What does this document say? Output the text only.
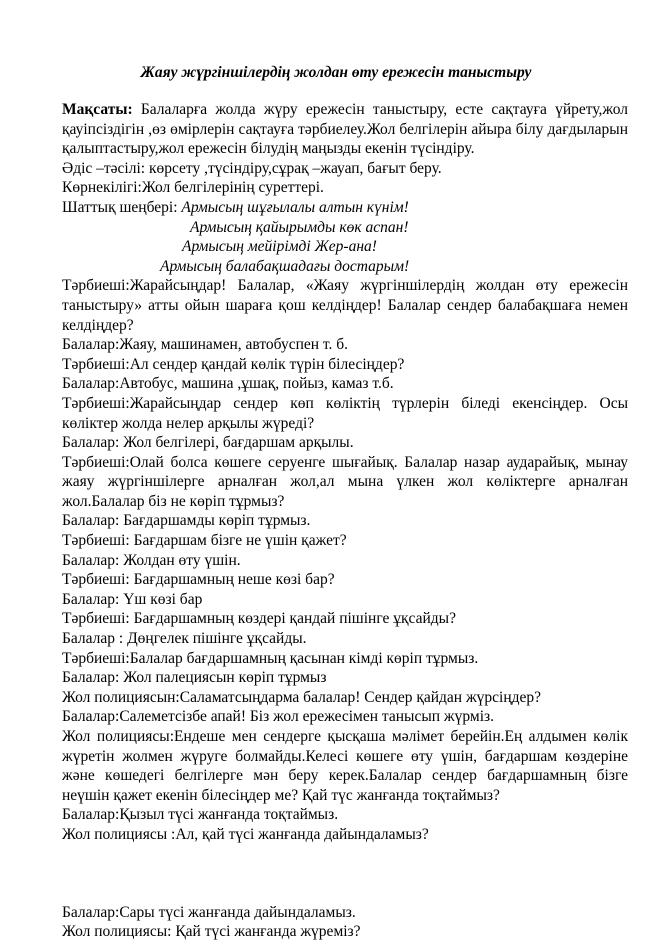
Жаяу жүргіншілердің жолдан өту ережесін таныстыру

Мақсаты: Балаларға жолда жүру ережесін таныстыру, есте сақтауға үйрету,жол қауіпсіздігін ,өз өмірлерін сақтауға тәрбиелеу.Жол белгілерін айыра білу дағдыларын қалыптастыру,жол ережесін білудің маңызды екенін түсіндіру.

Әдіс –тәсілі: көрсету ,түсіндіру,сұрақ –жауап, бағыт беру.

Көрнекілігі:Жол белгілерінің суреттері.

Шаттық шеңбері: Армысың шұғылалы алтын күнім!
Армысың қайырымды көк аспан!
Армысың мейірімді Жер-ана!
Армысың балабақшадағы достарым!

Тәрбиеші:Жарайсыңдар! Балалар, «Жаяу жүргіншілердің жолдан өту ережесін таныстыру» атты ойын шараға қош келдіңдер! Балалар сендер балабақшаға немен келдіңдер?

Балалар:Жаяу, машинамен, автобуспен т. б.

Тәрбиеші:Ал сендер қандай көлік түрін білесіңдер?

Балалар:Автобус, машина ,ұшақ, пойыз, камаз т.б.

Тәрбиеші:Жарайсыңдар сендер көп көліктің түрлерін біледі екенсіңдер. Осы көліктер жолда нелер арқылы жүреді?

Балалар: Жол белгілері, бағдаршам арқылы.

Тәрбиеші:Олай болса көшеге серуенге шығайық. Балалар назар аударайық, мынау жаяу жүргіншілерге арналған жол,ал мына үлкен жол көліктерге арналған жол.Балалар біз не көріп тұрмыз?

Балалар: Бағдаршамды көріп тұрмыз.

Тәрбиеші: Бағдаршам бізге не үшін қажет?

Балалар: Жолдан өту үшін.

Тәрбиеші: Бағдаршамның неше көзі бар?

Балалар: Үш көзі бар

Тәрбиеші: Бағдаршамның көздері қандай пішінге ұқсайды?

Балалар : Дөңгелек пішінге ұқсайды.

Тәрбиеші:Балалар бағдаршамның қасынан кімді көріп тұрмыз.

Балалар: Жол палециясын көріп тұрмыз

Жол полициясын:Саламатсыңдарма балалар! Сендер қайдан жүрсіңдер?

Балалар:Салеметсізбе апай! Біз жол ережесімен танысып жүрміз.

Жол полициясы:Ендеше мен сендерге қысқаша мәлімет берейін.Ең алдымен көлік жүретін жолмен жүруге болмайды.Келесі көшеге өту үшін, бағдаршам көздеріне және көшедегі белгілерге мән беру керек.Балалар сендер бағдаршамның бізге неүшін қажет екенін білесіңдер ме? Қай түс жанғанда тоқтаймыз?

Балалар:Қызыл түсі жанғанда тоқтаймыз.

Жол полициясы :Ал, қай түсі жанғанда дайындаламыз?

Балалар:Сары түсі жанғанда дайындаламыз.

Жол полициясы: Қай түсі жанғанда жүреміз?
